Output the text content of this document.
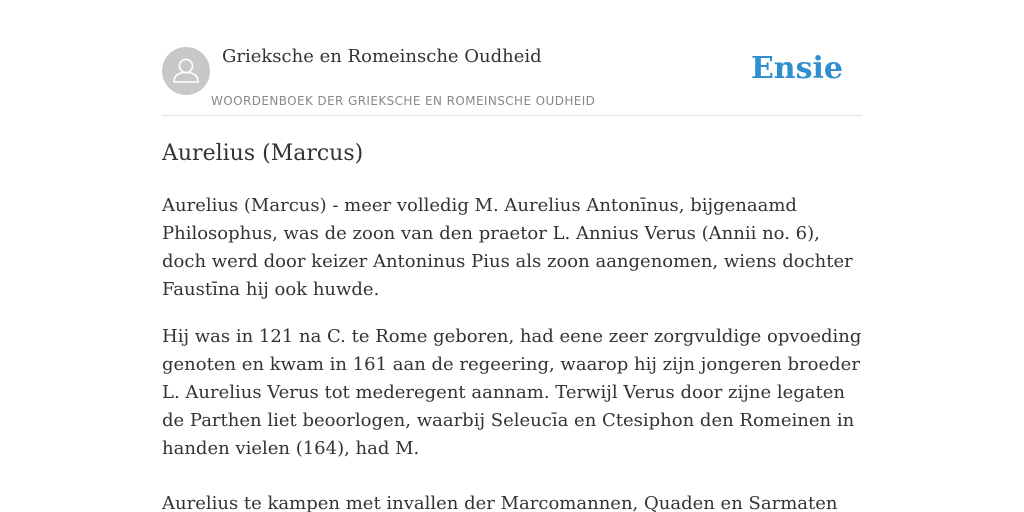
Grieksche en Romeinsche Oudheid
WOORDENBOEK DER GRIEKSCHE EN ROMEINSCHE OUDHEID
Ensie
Aurelius (Marcus)

Aurelius (Marcus) - meer volledig M. Aurelius Antonīnus, bijgenaamd Philosophus, was de zoon van den praetor L. Annius Verus (Annii no. 6), doch werd door keizer Antoninus Pius als zoon aangenomen, wiens dochter Faustīna hij ook huwde.

Hij was in 121 na C. te Rome geboren, had eene zeer zorgvuldige opvoeding genoten en kwam in 161 aan de regeering, waarop hij zijn jongeren broeder L. Aurelius Verus tot mederegent aannam. Terwijl Verus door zijne legaten de Parthen liet beoorlogen, waarbij Seleucīa en Ctesiphon den Romeinen in handen vielen (164), had M.

Aurelius te kampen met invallen der Marcomannen, Quaden en Sarmaten
